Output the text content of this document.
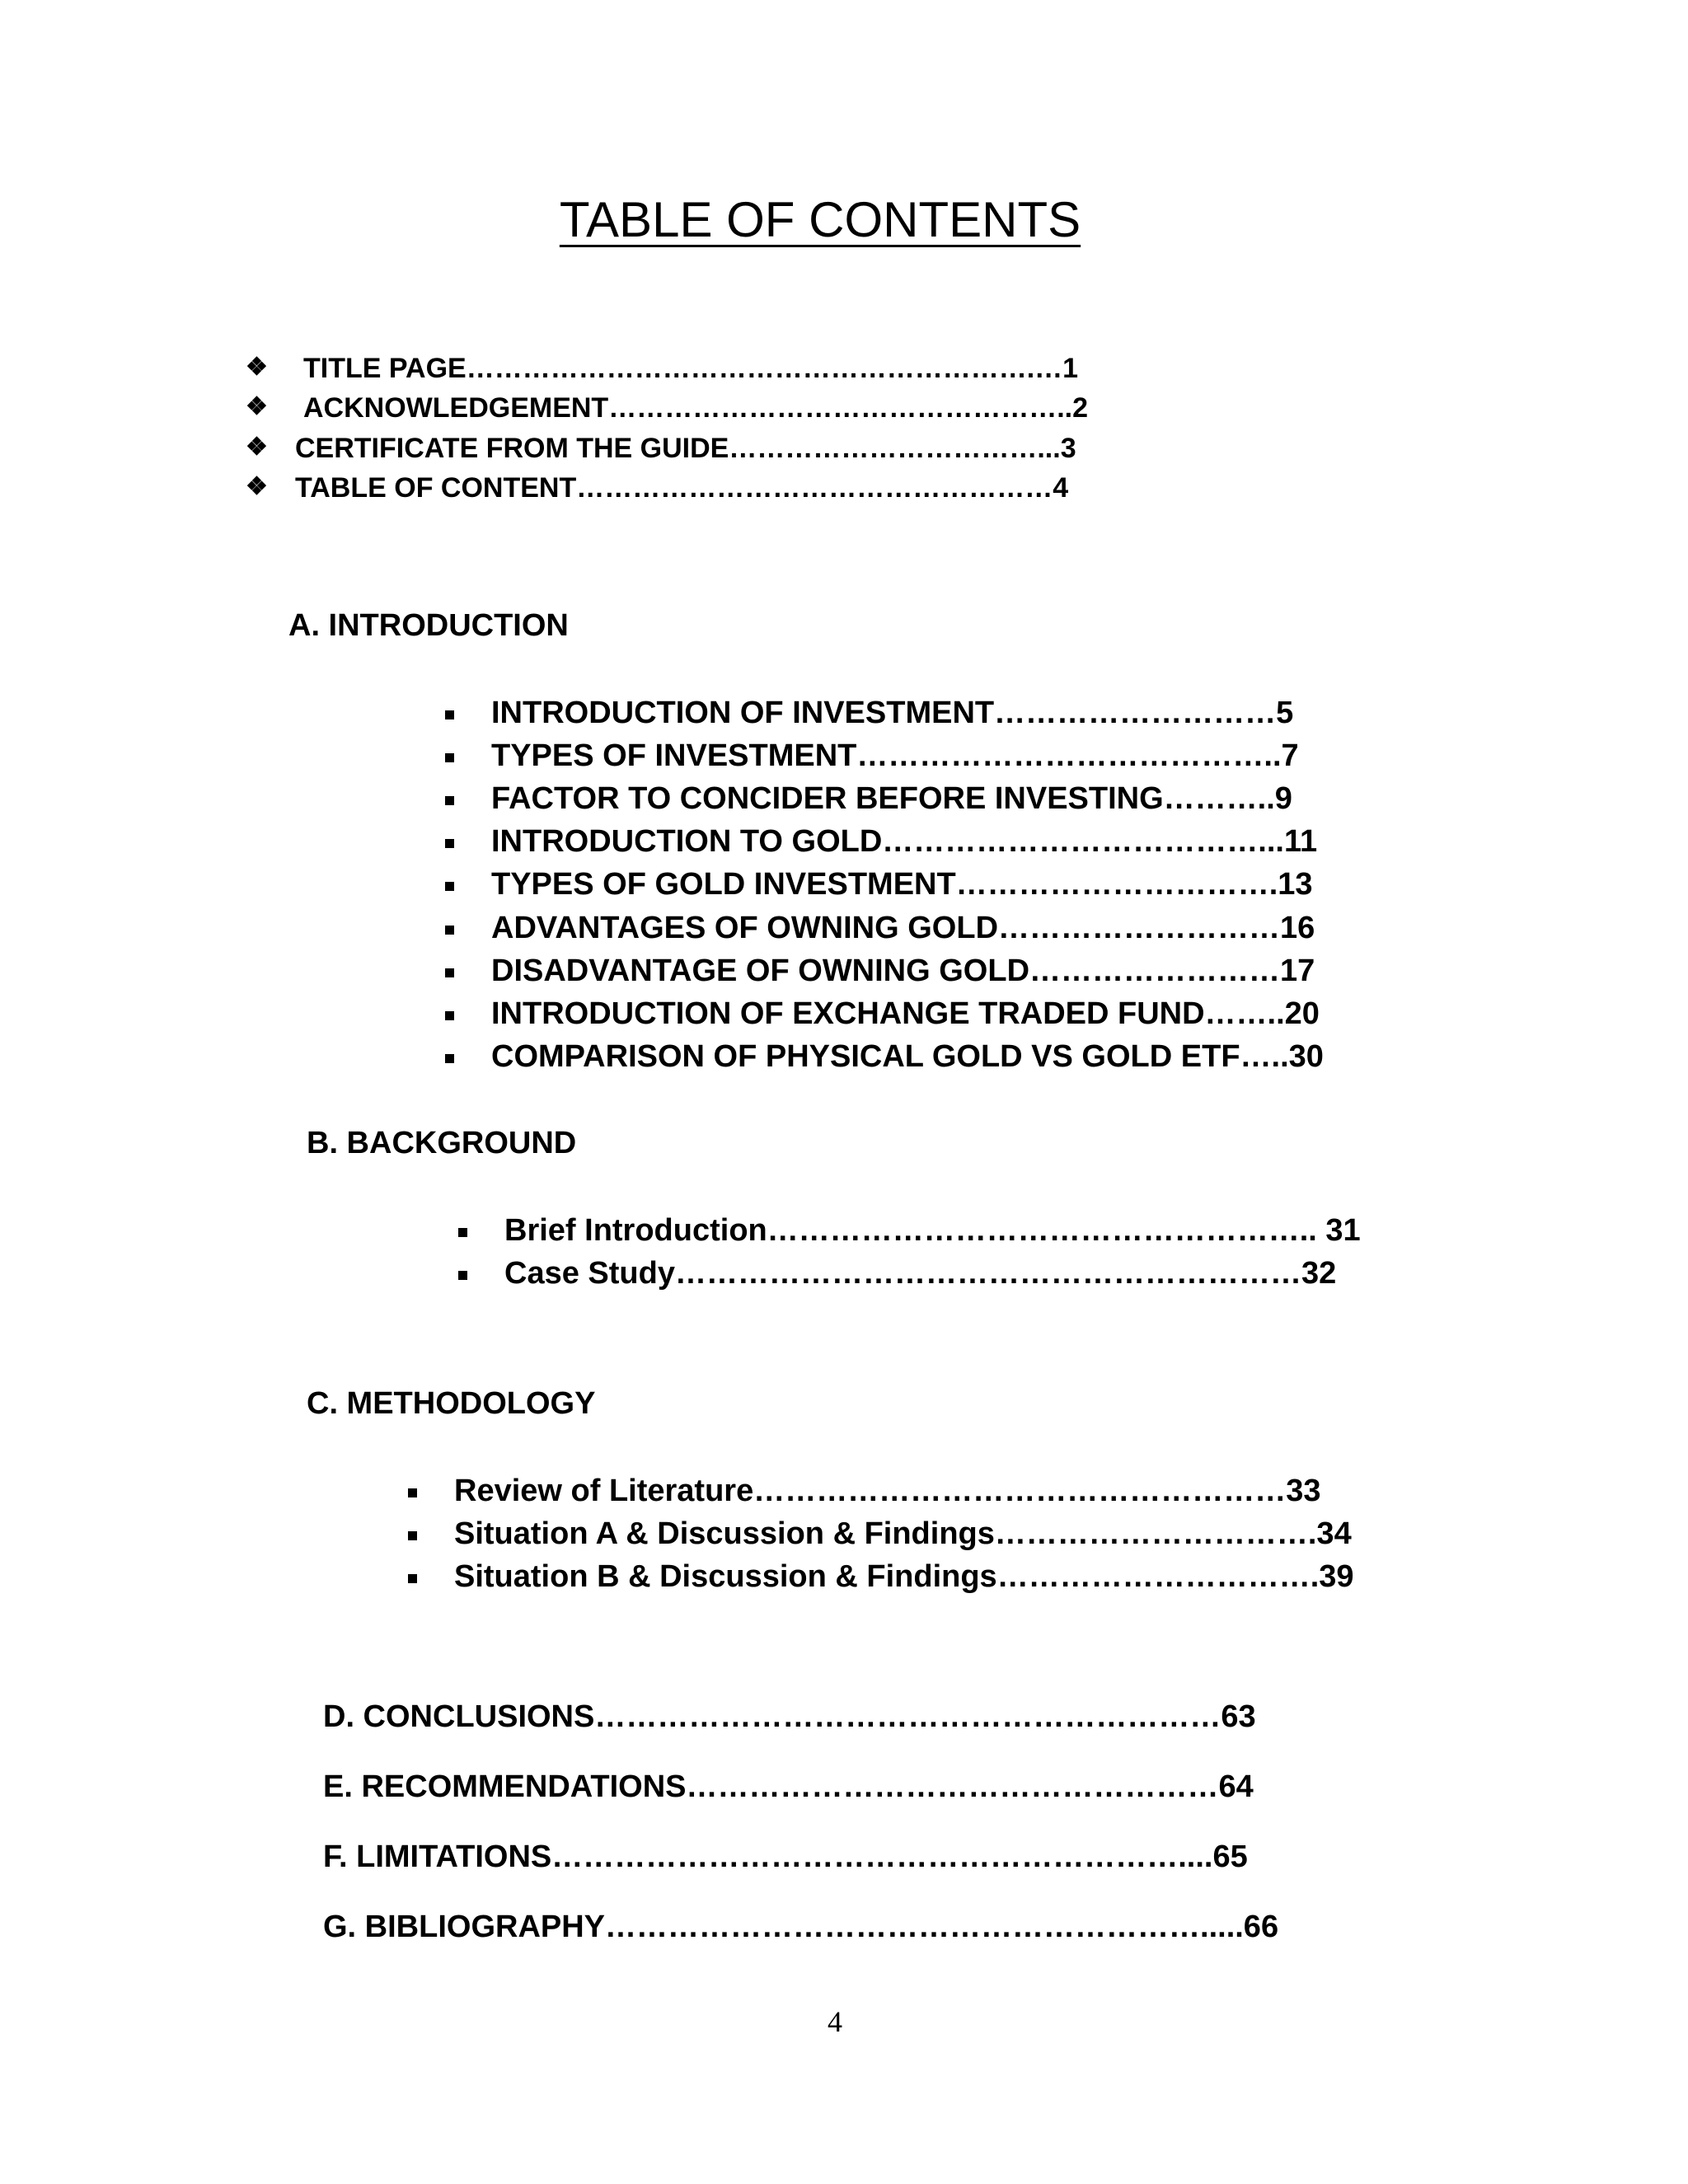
TABLE OF CONTENTS
❖ TITLE PAGE…………………………………………………….…1
❖ ACKNOWLEDGEMENT…………………………………………..2
❖ CERTIFICATE FROM THE GUIDE……………………………...3
❖ TABLE OF CONTENT……………………………………………4
A. INTRODUCTION
INTRODUCTION OF INVESTMENT………………………5
TYPES OF INVESTMENT…………………………………..7
FACTOR TO CONCIDER BEFORE INVESTING………..9
INTRODUCTION TO GOLD………………………………...11
TYPES OF GOLD INVESTMENT………………………….13
ADVANTAGES OF OWNING GOLD………………………16
DISADVANTAGE OF OWNING GOLD……………………17
INTRODUCTION OF EXCHANGE TRADED FUND……..20
COMPARISON OF PHYSICAL GOLD VS GOLD ETF…..30
B. BACKGROUND
Brief Introduction…………………………………………….. 31
Case Study……………………………………………………32
C. METHODOLOGY
Review of Literature……………………………………………33
Situation A & Discussion & Findings………………………….34
Situation B & Discussion & Findings………………………….39
D. CONCLUSIONS……………………………………………………63
E. RECOMMENDATIONS……………………………………………64
F. LIMITATIONS……………………………………………………....65
G. BIBLIOGRAPHY………………………………………………….....66
4
